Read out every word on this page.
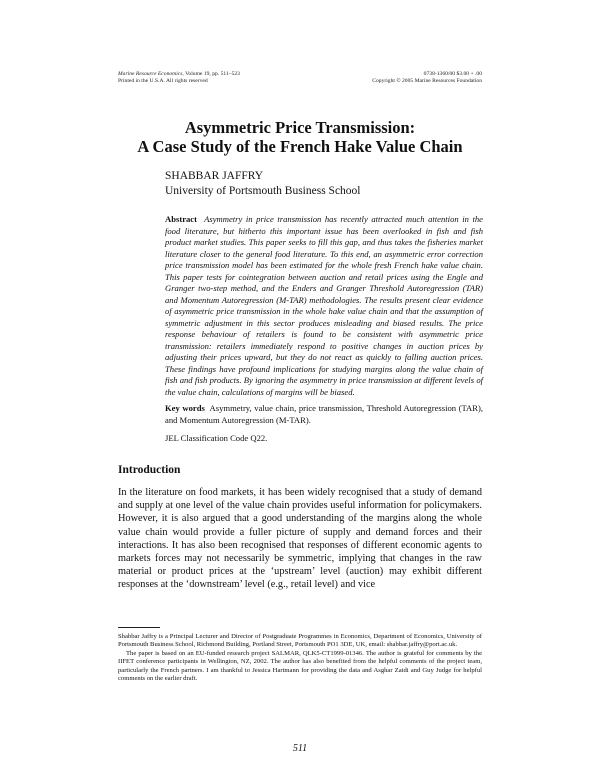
Marine Resource Economics, Volume 19, pp. 511–523
Printed in the U.S.A. All rights reserved
0738-1360/00 $3.00 + .00
Copyright © 2005 Marine Resources Foundation
Asymmetric Price Transmission:
A Case Study of the French Hake Value Chain
SHABBAR JAFFRY
University of Portsmouth Business School
Abstract Asymmetry in price transmission has recently attracted much attention in the food literature, but hitherto this important issue has been overlooked in fish and fish product market studies. This paper seeks to fill this gap, and thus takes the fisheries market literature closer to the general food literature. To this end, an asymmetric error correction price transmission model has been estimated for the whole fresh French hake value chain. This paper tests for cointegration between auction and retail prices using the Engle and Granger two-step method, and the Enders and Granger Threshold Autoregression (TAR) and Momentum Autoregression (M-TAR) methodologies. The results present clear evidence of asymmetric price transmission in the whole hake value chain and that the assumption of symmetric adjustment in this sector produces misleading and biased results. The price response behaviour of retailers is found to be consistent with asymmetric price transmission: retailers immediately respond to positive changes in auction prices by adjusting their prices upward, but they do not react as quickly to falling auction prices. These findings have profound implications for studying margins along the value chain of fish and fish products. By ignoring the asymmetry in price transmission at different levels of the value chain, calculations of margins will be biased.
Key words Asymmetry, value chain, price transmission, Threshold Autoregression (TAR), and Momentum Autoregression (M-TAR).
JEL Classification Code Q22.
Introduction
In the literature on food markets, it has been widely recognised that a study of demand and supply at one level of the value chain provides useful information for policymakers. However, it is also argued that a good understanding of the margins along the whole value chain would provide a fuller picture of supply and demand forces and their interactions. It has also been recognised that responses of different economic agents to markets forces may not necessarily be symmetric, implying that changes in the raw material or product prices at the ‘upstream’ level (auction) may exhibit different responses at the ‘downstream’ level (e.g., retail level) and vice

Shabbar Jaffry is a Principal Lecturer and Director of Postgraduate Programmes in Economics, Department of Economics, University of Portsmouth Business School, Richmond Building, Portland Street, Portsmouth PO1 3DE, UK, email: shabbar.jaffry@port.ac.uk.

The paper is based on an EU-funded research project SALMAR, QLK5-CT1999-01346. The author is grateful for comments by the IIFET conference participants in Wellington, NZ, 2002. The author has also benefited from the helpful comments of the project team, particularly the French partners. I am thankful to Jessica Hartmann for providing the data and Asghar Zaidi and Guy Judge for helpful comments on the earlier draft.

511
